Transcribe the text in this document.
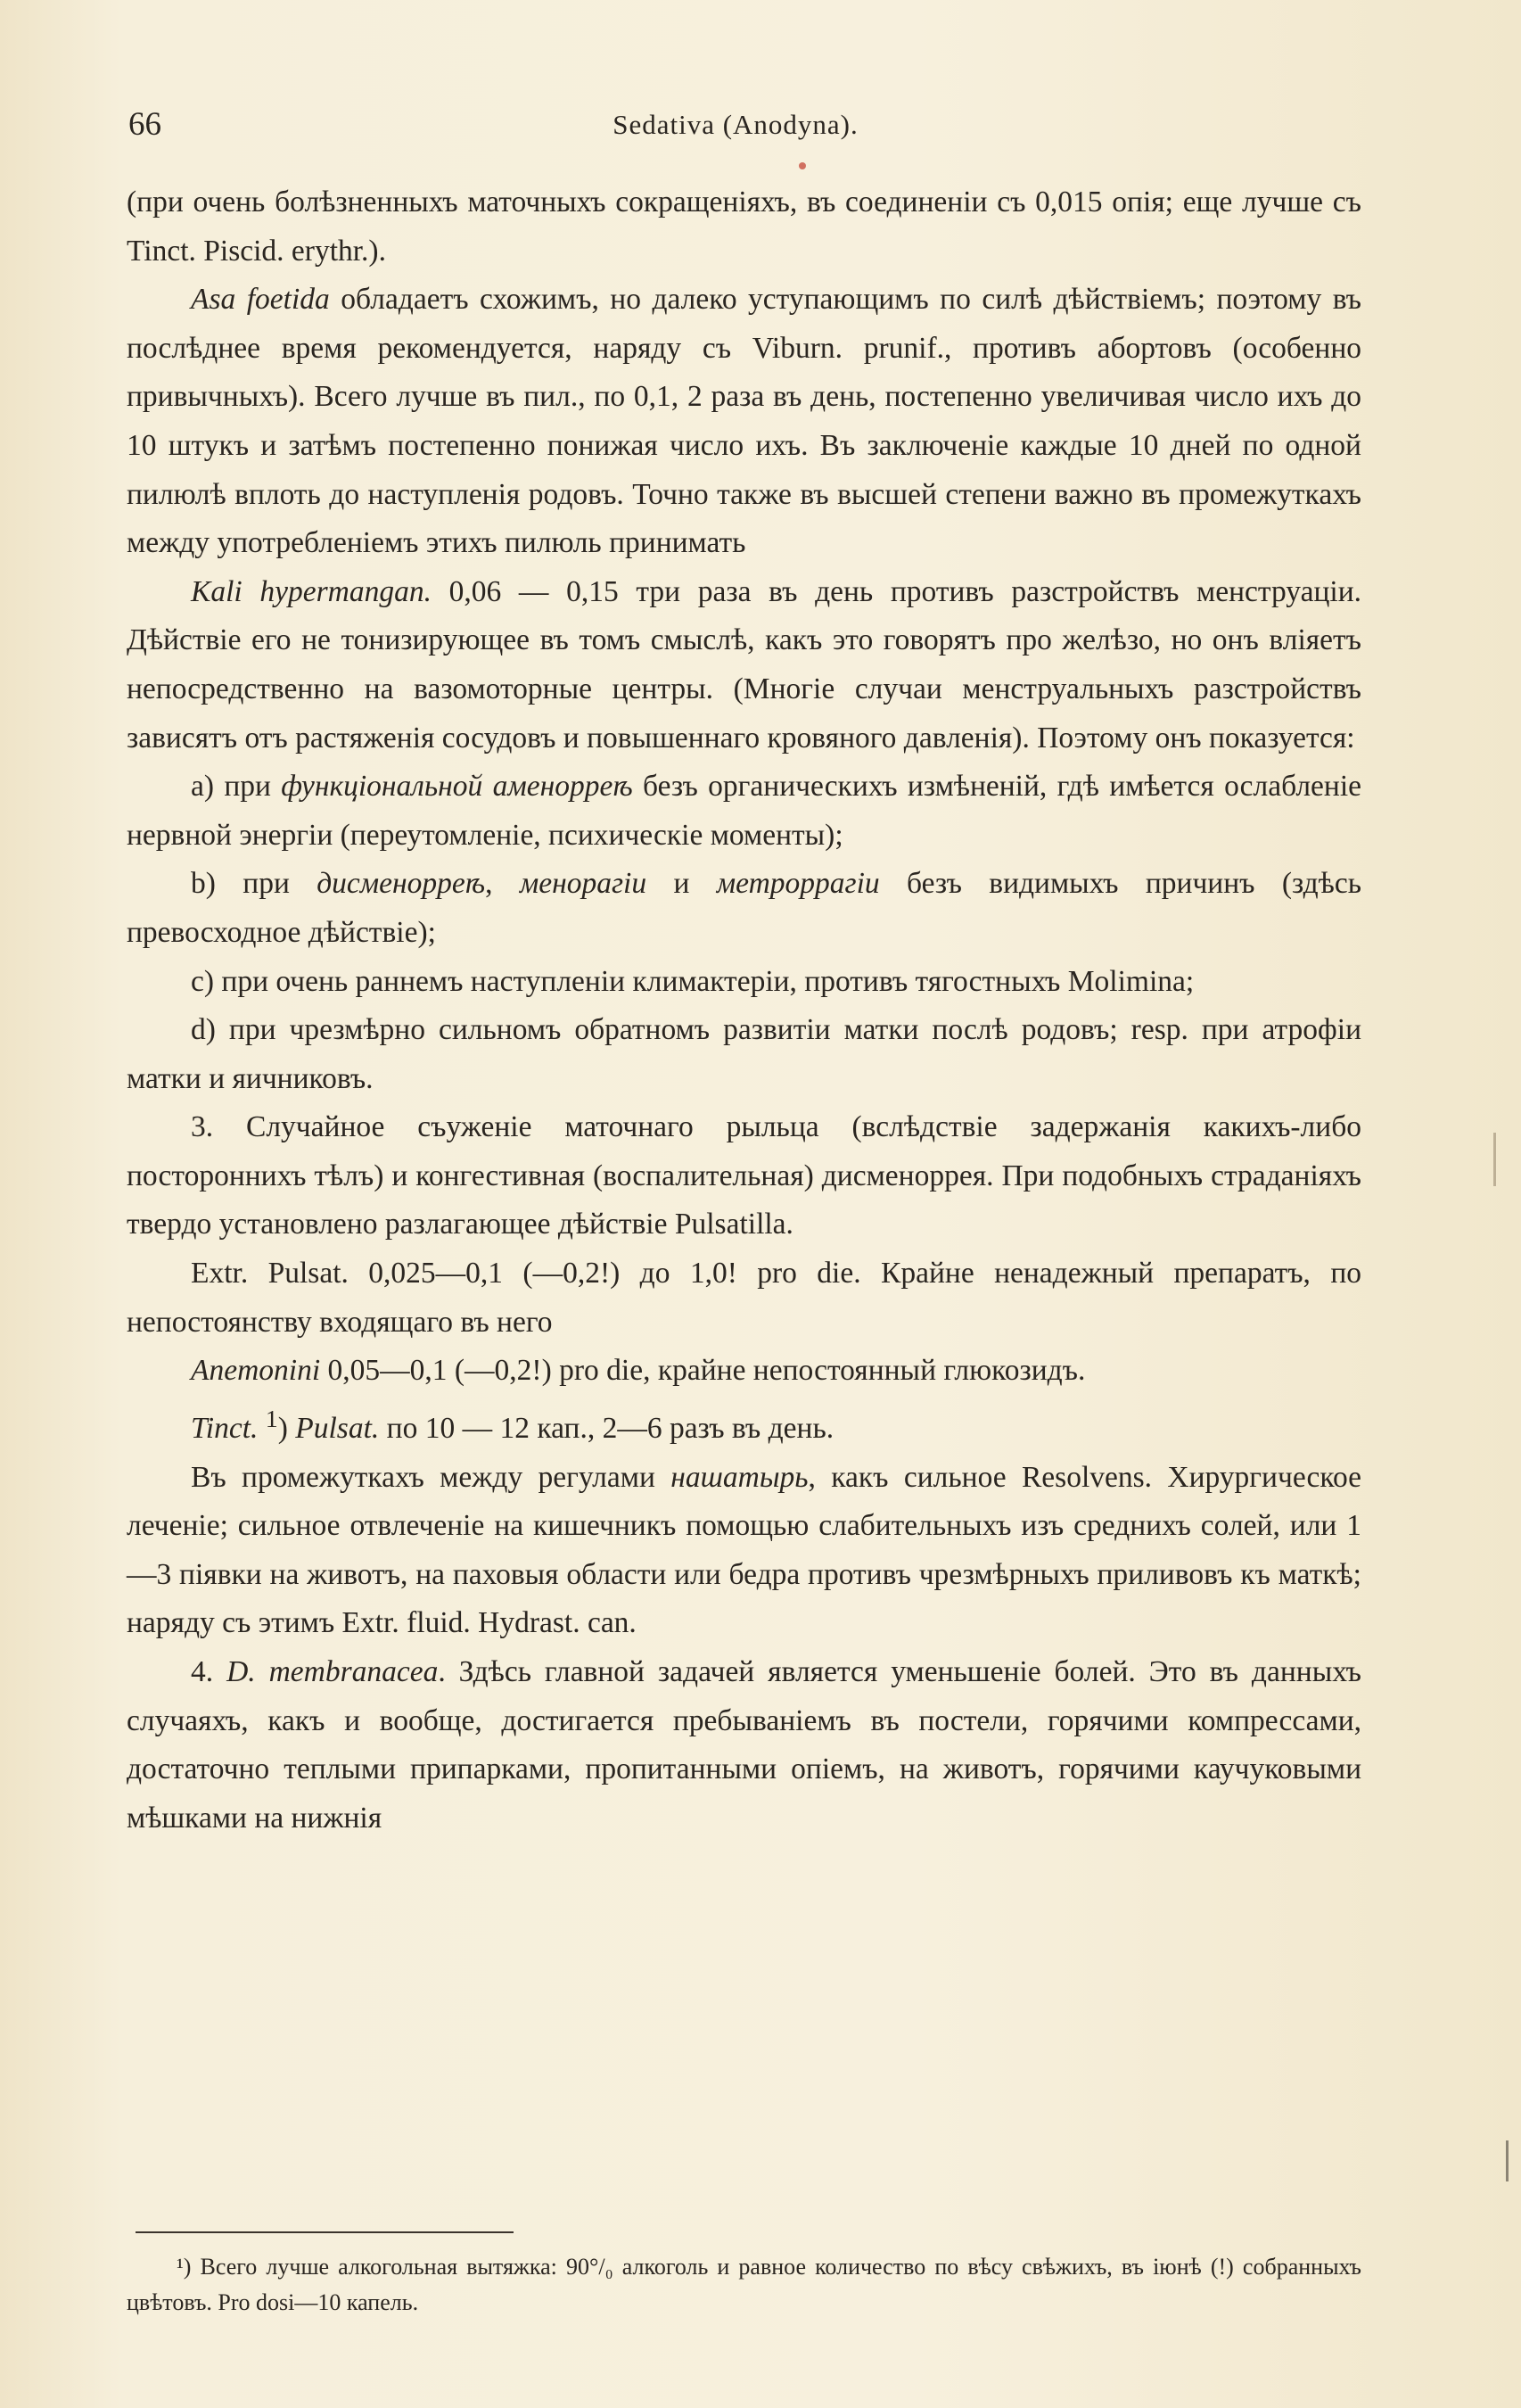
66	Sedativa (Anodyna).

(при очень болѣзненныхъ маточныхъ сокращеніяхъ, въ соединеніи съ 0,015 опія; еще лучше съ Tinct. Piscid. erythr.).

Asa foetida обладаетъ схожимъ, но далеко уступающимъ по силѣ дѣйствіемъ; поэтому въ послѣднее время рекомендуется, наряду съ Viburn. prunif., противъ абортовъ (особенно привычныхъ). Всего лучше въ пил., по 0,1, 2 раза въ день, постепенно увеличивая число ихъ до 10 штукъ и затѣмъ постепенно понижая число ихъ. Въ заключеніе каждые 10 дней по одной пилюлѣ вплоть до наступленія родовъ. Точно также въ высшей степени важно въ промежуткахъ между употребленіемъ этихъ пилюль принимать

Kali hypermangan. 0,06 — 0,15 три раза въ день противъ разстройствъ менструаціи. Дѣйствіе его не тонизирующее въ томъ смыслѣ, какъ это говорятъ про желѣзо, но онъ вліяетъ непосредственно на вазомоторные центры. (Многіе случаи менструальныхъ разстройствъ зависятъ отъ растяженія сосудовъ и повышеннаго кровяного давленія). Поэтому онъ показуется:

a) при функціональной аменорреѣ безъ органическихъ измѣненій, гдѣ имѣется ослабленіе нервной энергіи (переутомленіе, психическіе моменты);

b) при дисменорреѣ, менорагіи и метроррагіи безъ видимыхъ причинъ (здѣсь превосходное дѣйствіе);

c) при очень раннемъ наступленіи климактеріи, противъ тягостныхъ Molimina;

d) при чрезмѣрно сильномъ обратномъ развитіи матки послѣ родовъ; resp. при атрофіи матки и яичниковъ.

3. Случайное съуженіе маточнаго рыльца (вслѣдствіе задержанія какихъ-либо постороннихъ тѣлъ) и конгестивная (воспалительная) дисменоррея. При подобныхъ страданіяхъ твердо установлено разлагающее дѣйствіе Pulsatilla.

Extr. Pulsat. 0,025—0,1 (—0,2!) до 1,0! pro die. Крайне ненадежный препаратъ, по непостоянству входящаго въ него

Anemonini 0,05—0,1 (—0,2!) pro die, крайне непостоянный глюкозидъ.

Tinct. $^1$) Pulsat. по 10 — 12 кап., 2—6 разъ въ день.

Въ промежуткахъ между регулами нашатырь, какъ сильное Resolvens. Хирургическое леченіе; сильное отвлеченіе на кишечникъ помощью слабительныхъ изъ среднихъ солей, или 1—3 піявки на животъ, на паховыя области или бедра противъ чрезмѣрныхъ приливовъ къ маткѣ; наряду съ этимъ Extr. fluid. Hydrast. can.

4. D. membranacea. Здѣсь главной задачей является уменьшеніе болей. Это въ данныхъ случаяхъ, какъ и вообще, достигается пребываніемъ въ постели, горячими компрессами, достаточно теплыми припарками, пропитанными опіемъ, на животъ, горячими каучуковыми мѣшками на нижнія

¹) Всего лучше алкогольная вытяжка: 90°/₀ алкоголь и равное количество по вѣсу свѣжихъ, въ іюнѣ (!) собранныхъ цвѣтовъ. Pro dosi—10 капель.
